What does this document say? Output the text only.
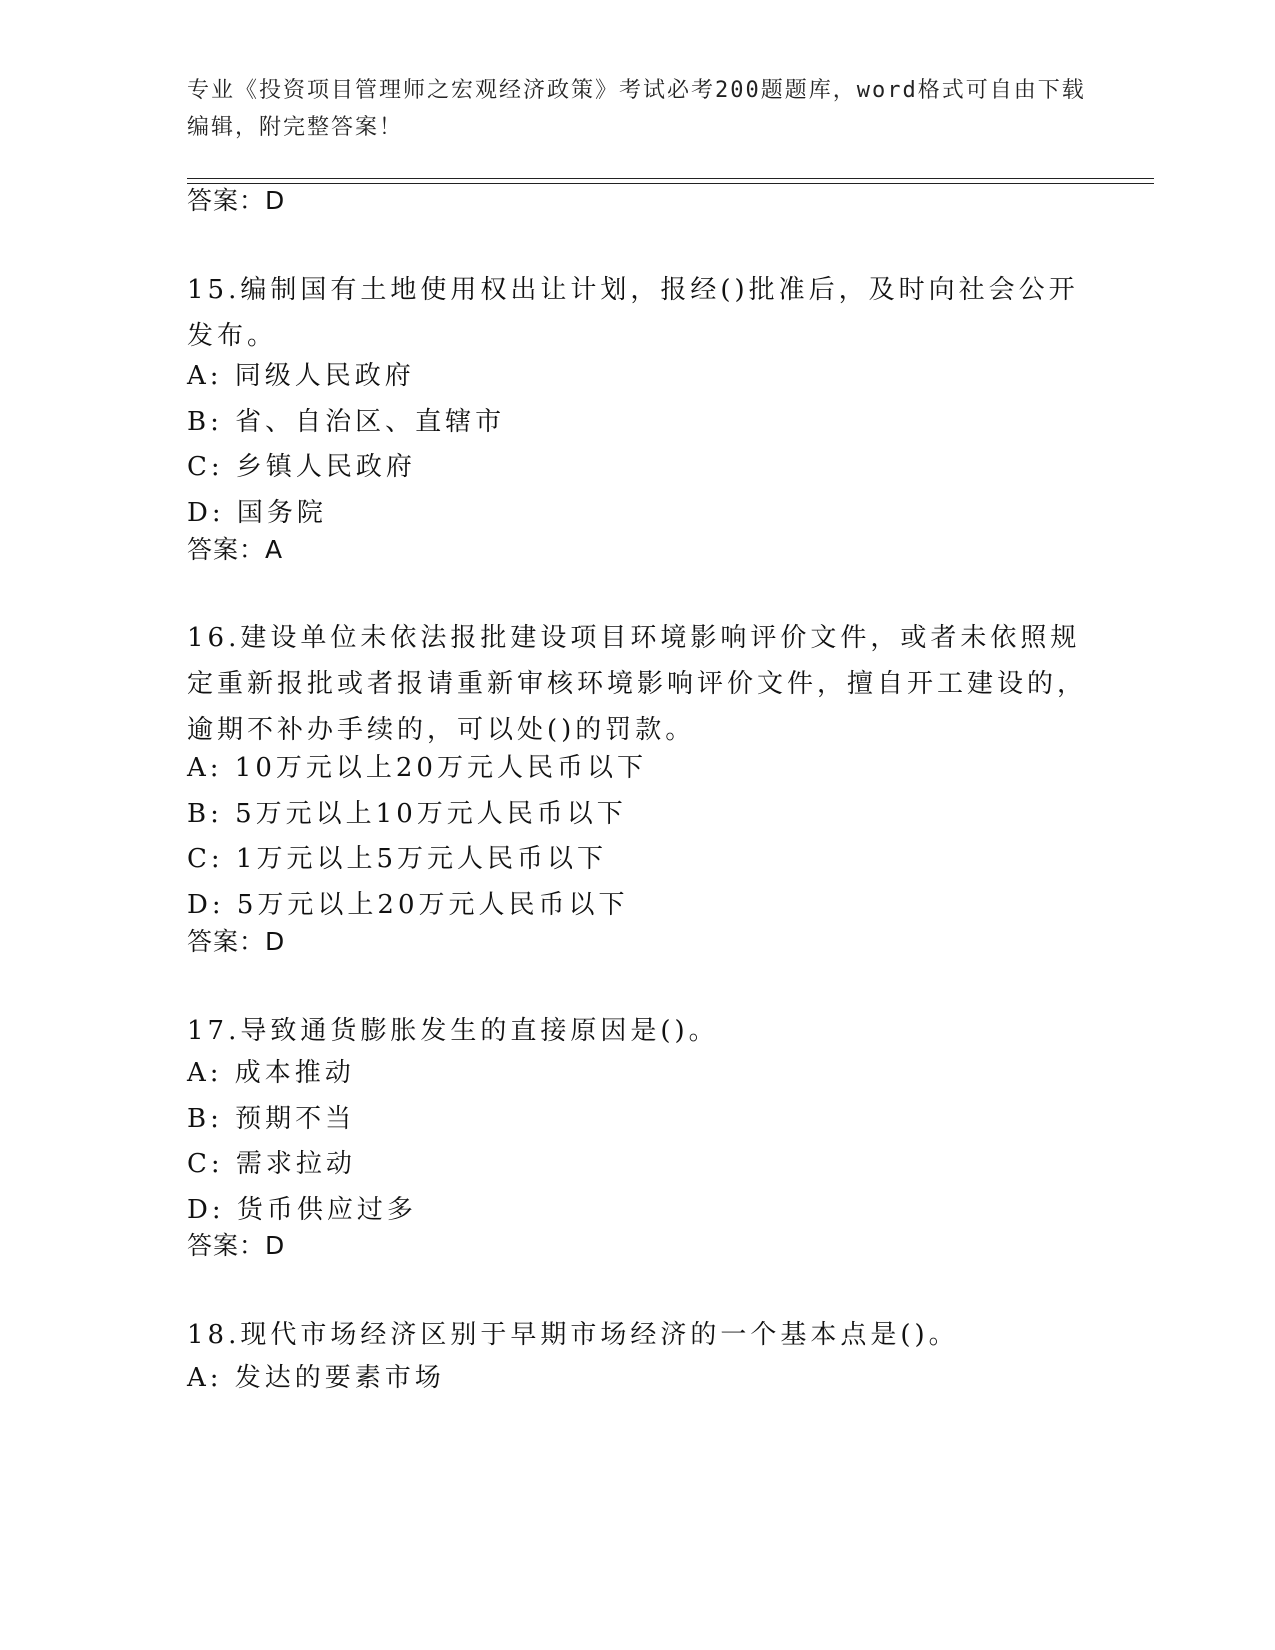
专业《投资项目管理师之宏观经济政策》考试必考200题题库，word格式可自由下载编辑，附完整答案！
答案：D

15.编制国有土地使用权出让计划，报经()批准后，及时向社会公开发布。

A: 同级人民政府

B: 省、自治区、直辖市

C: 乡镇人民政府

D: 国务院

答案：A

16.建设单位未依法报批建设项目环境影响评价文件，或者未依照规定重新报批或者报请重新审核环境影响评价文件，擅自开工建设的，逾期不补办手续的，可以处()的罚款。

A: 10万元以上20万元人民币以下

B: 5万元以上10万元人民币以下

C: 1万元以上5万元人民币以下

D: 5万元以上20万元人民币以下

答案：D

17.导致通货膨胀发生的直接原因是()。

A: 成本推动

B: 预期不当

C: 需求拉动

D: 货币供应过多

答案：D

18.现代市场经济区别于早期市场经济的一个基本点是()。

A: 发达的要素市场
